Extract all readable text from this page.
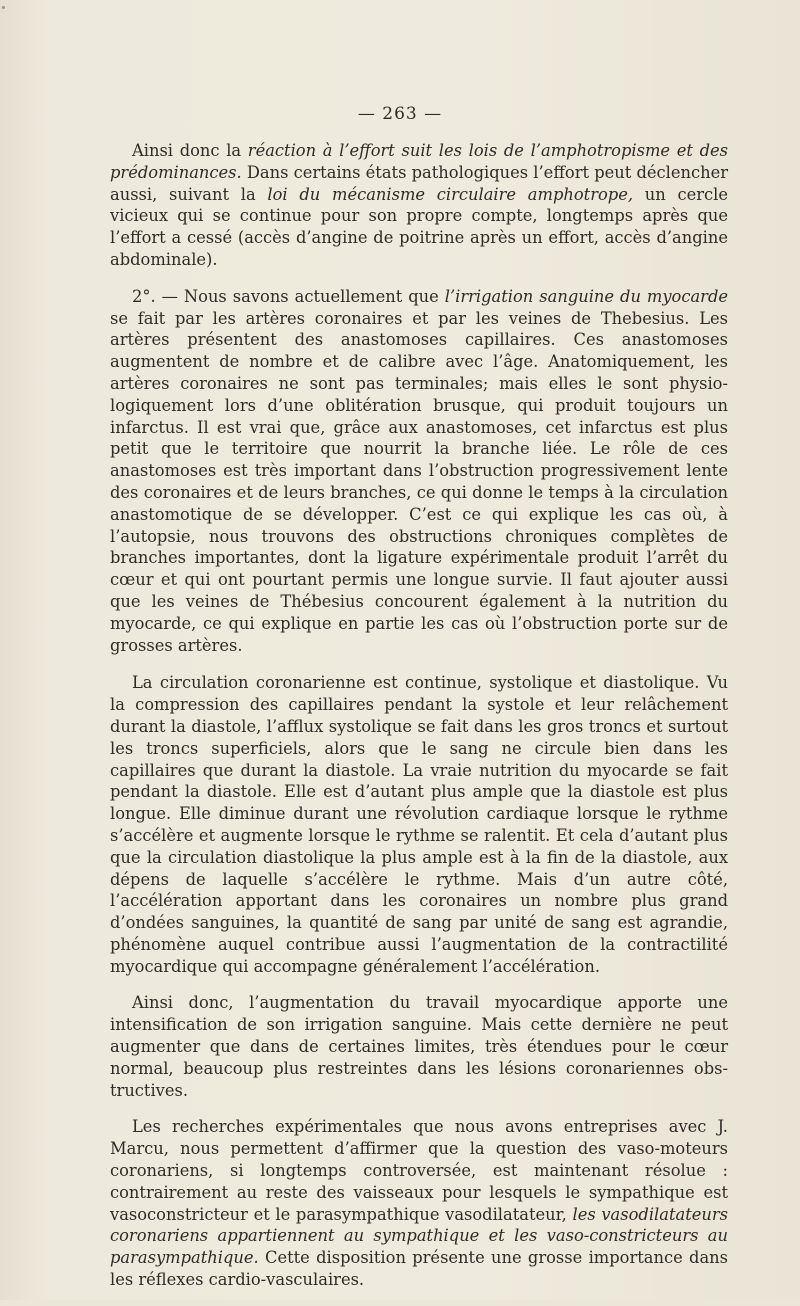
— 263 —

Ainsi donc la réaction à l’effort suit les lois de l’amphotropisme et des prédominances. Dans certains états pathologiques l’effort peut déclencher aussi, suivant la loi du mécanisme circulaire amphotrope, un cercle vicieux qui se continue pour son propre compte, longtemps après que l’effort a cessé (accès d’angine de poitrine après un effort, accès d’angine abdominale).

2°. — Nous savons actuellement que l’irrigation sanguine du myocarde se fait par les artères coronaires et par les veines de Thebesius. Les artères présentent des anastomoses capillaires. Ces anastomoses augmentent de nombre et de calibre avec l’âge. Anatomiquement, les artères coronaires ne sont pas terminales; mais elles le sont physiologiquement lors d’une oblitération brusque, qui produit toujours un infarctus. Il est vrai que, grâce aux anastomoses, cet infarctus est plus petit que le territoire que nourrit la branche liée. Le rôle de ces anastomoses est très important dans l’obstruction progressivement lente des coronaires et de leurs branches, ce qui donne le temps à la circulation anastomotique de se développer. C’est ce qui explique les cas où, à l’autopsie, nous trouvons des obstructions chroniques complètes de branches importantes, dont la ligature expérimentale produit l’arrêt du cœur et qui ont pourtant permis une longue survie. Il faut ajouter aussi que les veines de Thébesius concourent également à la nutrition du myocarde, ce qui explique en partie les cas où l’obstruction porte sur de grosses artères.

La circulation coronarienne est continue, systolique et diastolique. Vu la compression des capillaires pendant la systole et leur relâchement durant la diastole, l’afflux systolique se fait dans les gros troncs et surtout les troncs superficiels, alors que le sang ne circule bien dans les capillaires que durant la diastole. La vraie nutrition du myocarde se fait pendant la diastole. Elle est d’autant plus ample que la diastole est plus longue. Elle diminue durant une révolution cardiaque lorsque le rythme s’accélère et augmente lorsque le rythme se ralentit. Et cela d’autant plus que la circulation diastolique la plus ample est à la fin de la diastole, aux dépens de laquelle s’accélère le rythme. Mais d’un autre côté, l’accélération apportant dans les coronaires un nombre plus grand d’ondées sanguines, la quantité de sang par unité de sang est agrandie, phénomène auquel contribue aussi l’augmentation de la contractilité myocardique qui accompagne généralement l’accélération.

Ainsi donc, l’augmentation du travail myocardique apporte une intensification de son irrigation sanguine. Mais cette dernière ne peut augmenter que dans de certaines limites, très étendues pour le cœur normal, beaucoup plus restreintes dans les lésions coronariennes obstructives.

Les recherches expérimentales que nous avons entreprises avec J. Marcu, nous permettent d’affirmer que la question des vaso-moteurs coronariens, si longtemps controversée, est maintenant résolue : contrairement au reste des vaisseaux pour lesquels le sympathique est vasoconstricteur et le parasympathique vasodilatateur, les vasodilatateurs coronariens appartiennent au sympathique et les vaso-constricteurs au parasympathique. Cette disposition présente une grosse importance dans les réflexes cardio-vasculaires.
